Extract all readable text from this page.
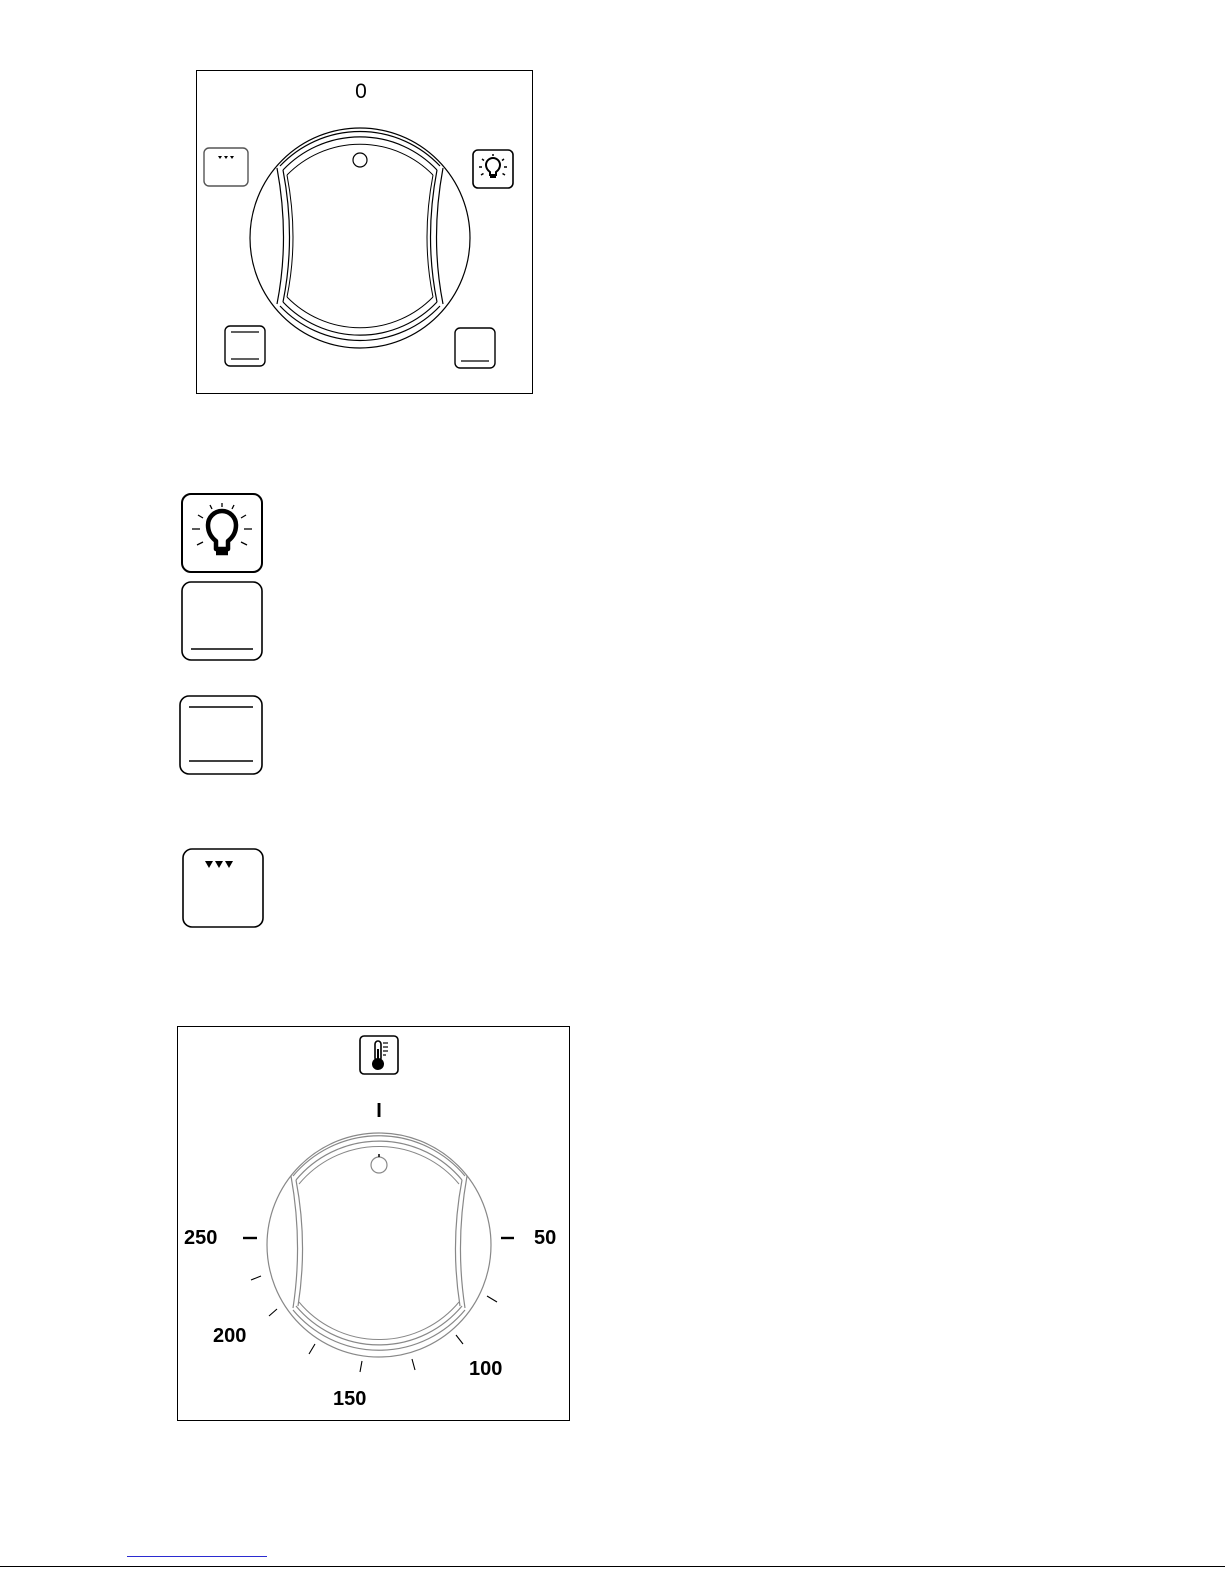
0
I
250	50
200
100
150
